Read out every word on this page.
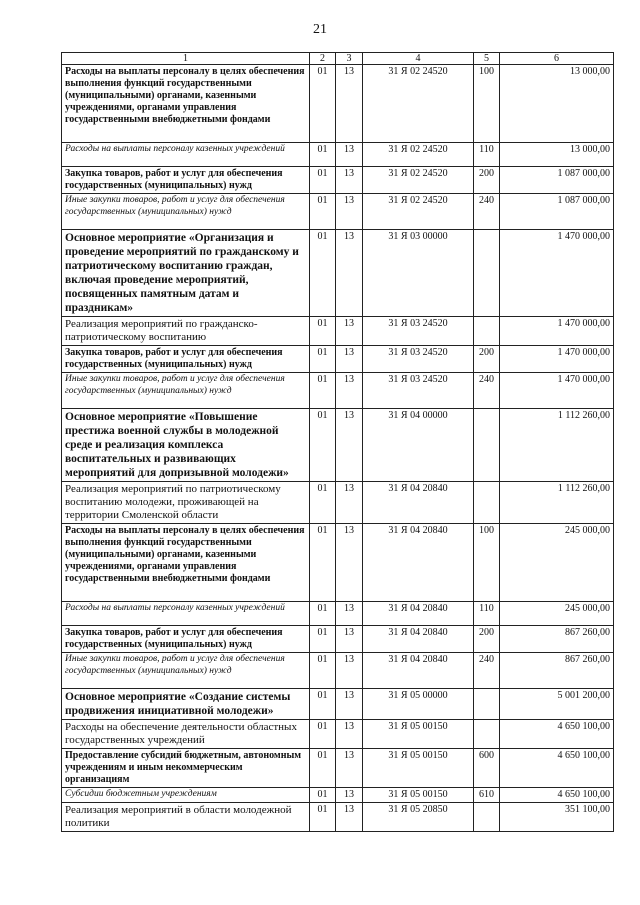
21
1	2	3	4	5	6
Расходы на выплаты персоналу в целях обеспечения выполнения функций государственными (муниципальными) органами, казенными учреждениями, органами управления государственными внебюджетными фондами	01	13	31 Я 02 24520	100	13 000,00
Расходы на выплаты персоналу казенных учреждений	01	13	31 Я 02 24520	110	13 000,00
Закупка товаров, работ и услуг для обеспечения государственных (муниципальных) нужд	01	13	31 Я 02 24520	200	1 087 000,00
Иные закупки товаров, работ и услуг для обеспечения государственных (муниципальных) нужд	01	13	31 Я 02 24520	240	1 087 000,00
Основное мероприятие «Организация и проведение мероприятий по гражданскому и патриотическому воспитанию граждан, включая проведение мероприятий, посвященных памятным датам и праздникам»	01	13	31 Я 03 00000		1 470 000,00
Реализация мероприятий по гражданско-патриотическому воспитанию	01	13	31 Я 03 24520		1 470 000,00
Закупка товаров, работ и услуг для обеспечения государственных (муниципальных) нужд	01	13	31 Я 03 24520	200	1 470 000,00
Иные закупки товаров, работ и услуг для обеспечения государственных (муниципальных) нужд	01	13	31 Я 03 24520	240	1 470 000,00
Основное мероприятие «Повышение престижа военной службы в молодежной среде и реализация комплекса воспитательных и развивающих мероприятий для допризывной молодежи»	01	13	31 Я 04 00000		1 112 260,00
Реализация мероприятий по патриотическому воспитанию молодежи, проживающей на территории Смоленской области	01	13	31 Я 04 20840		1 112 260,00
Расходы на выплаты персоналу в целях обеспечения выполнения функций государственными (муниципальными) органами, казенными учреждениями, органами управления государственными внебюджетными фондами	01	13	31 Я 04 20840	100	245 000,00
Расходы на выплаты персоналу казенных учреждений	01	13	31 Я 04 20840	110	245 000,00
Закупка товаров, работ и услуг для обеспечения государственных (муниципальных) нужд	01	13	31 Я 04 20840	200	867 260,00
Иные закупки товаров, работ и услуг для обеспечения государственных (муниципальных) нужд	01	13	31 Я 04 20840	240	867 260,00
Основное мероприятие «Создание системы продвижения инициативной молодежи»	01	13	31 Я 05 00000		5 001 200,00
Расходы на обеспечение деятельности областных государственных учреждений	01	13	31 Я 05 00150		4 650 100,00
Предоставление субсидий бюджетным, автономным учреждениям и иным некоммерческим организациям	01	13	31 Я 05 00150	600	4 650 100,00
Субсидии бюджетным учреждениям	01	13	31 Я 05 00150	610	4 650 100,00
Реализация мероприятий в области молодежной политики	01	13	31 Я 05 20850		351 100,00
